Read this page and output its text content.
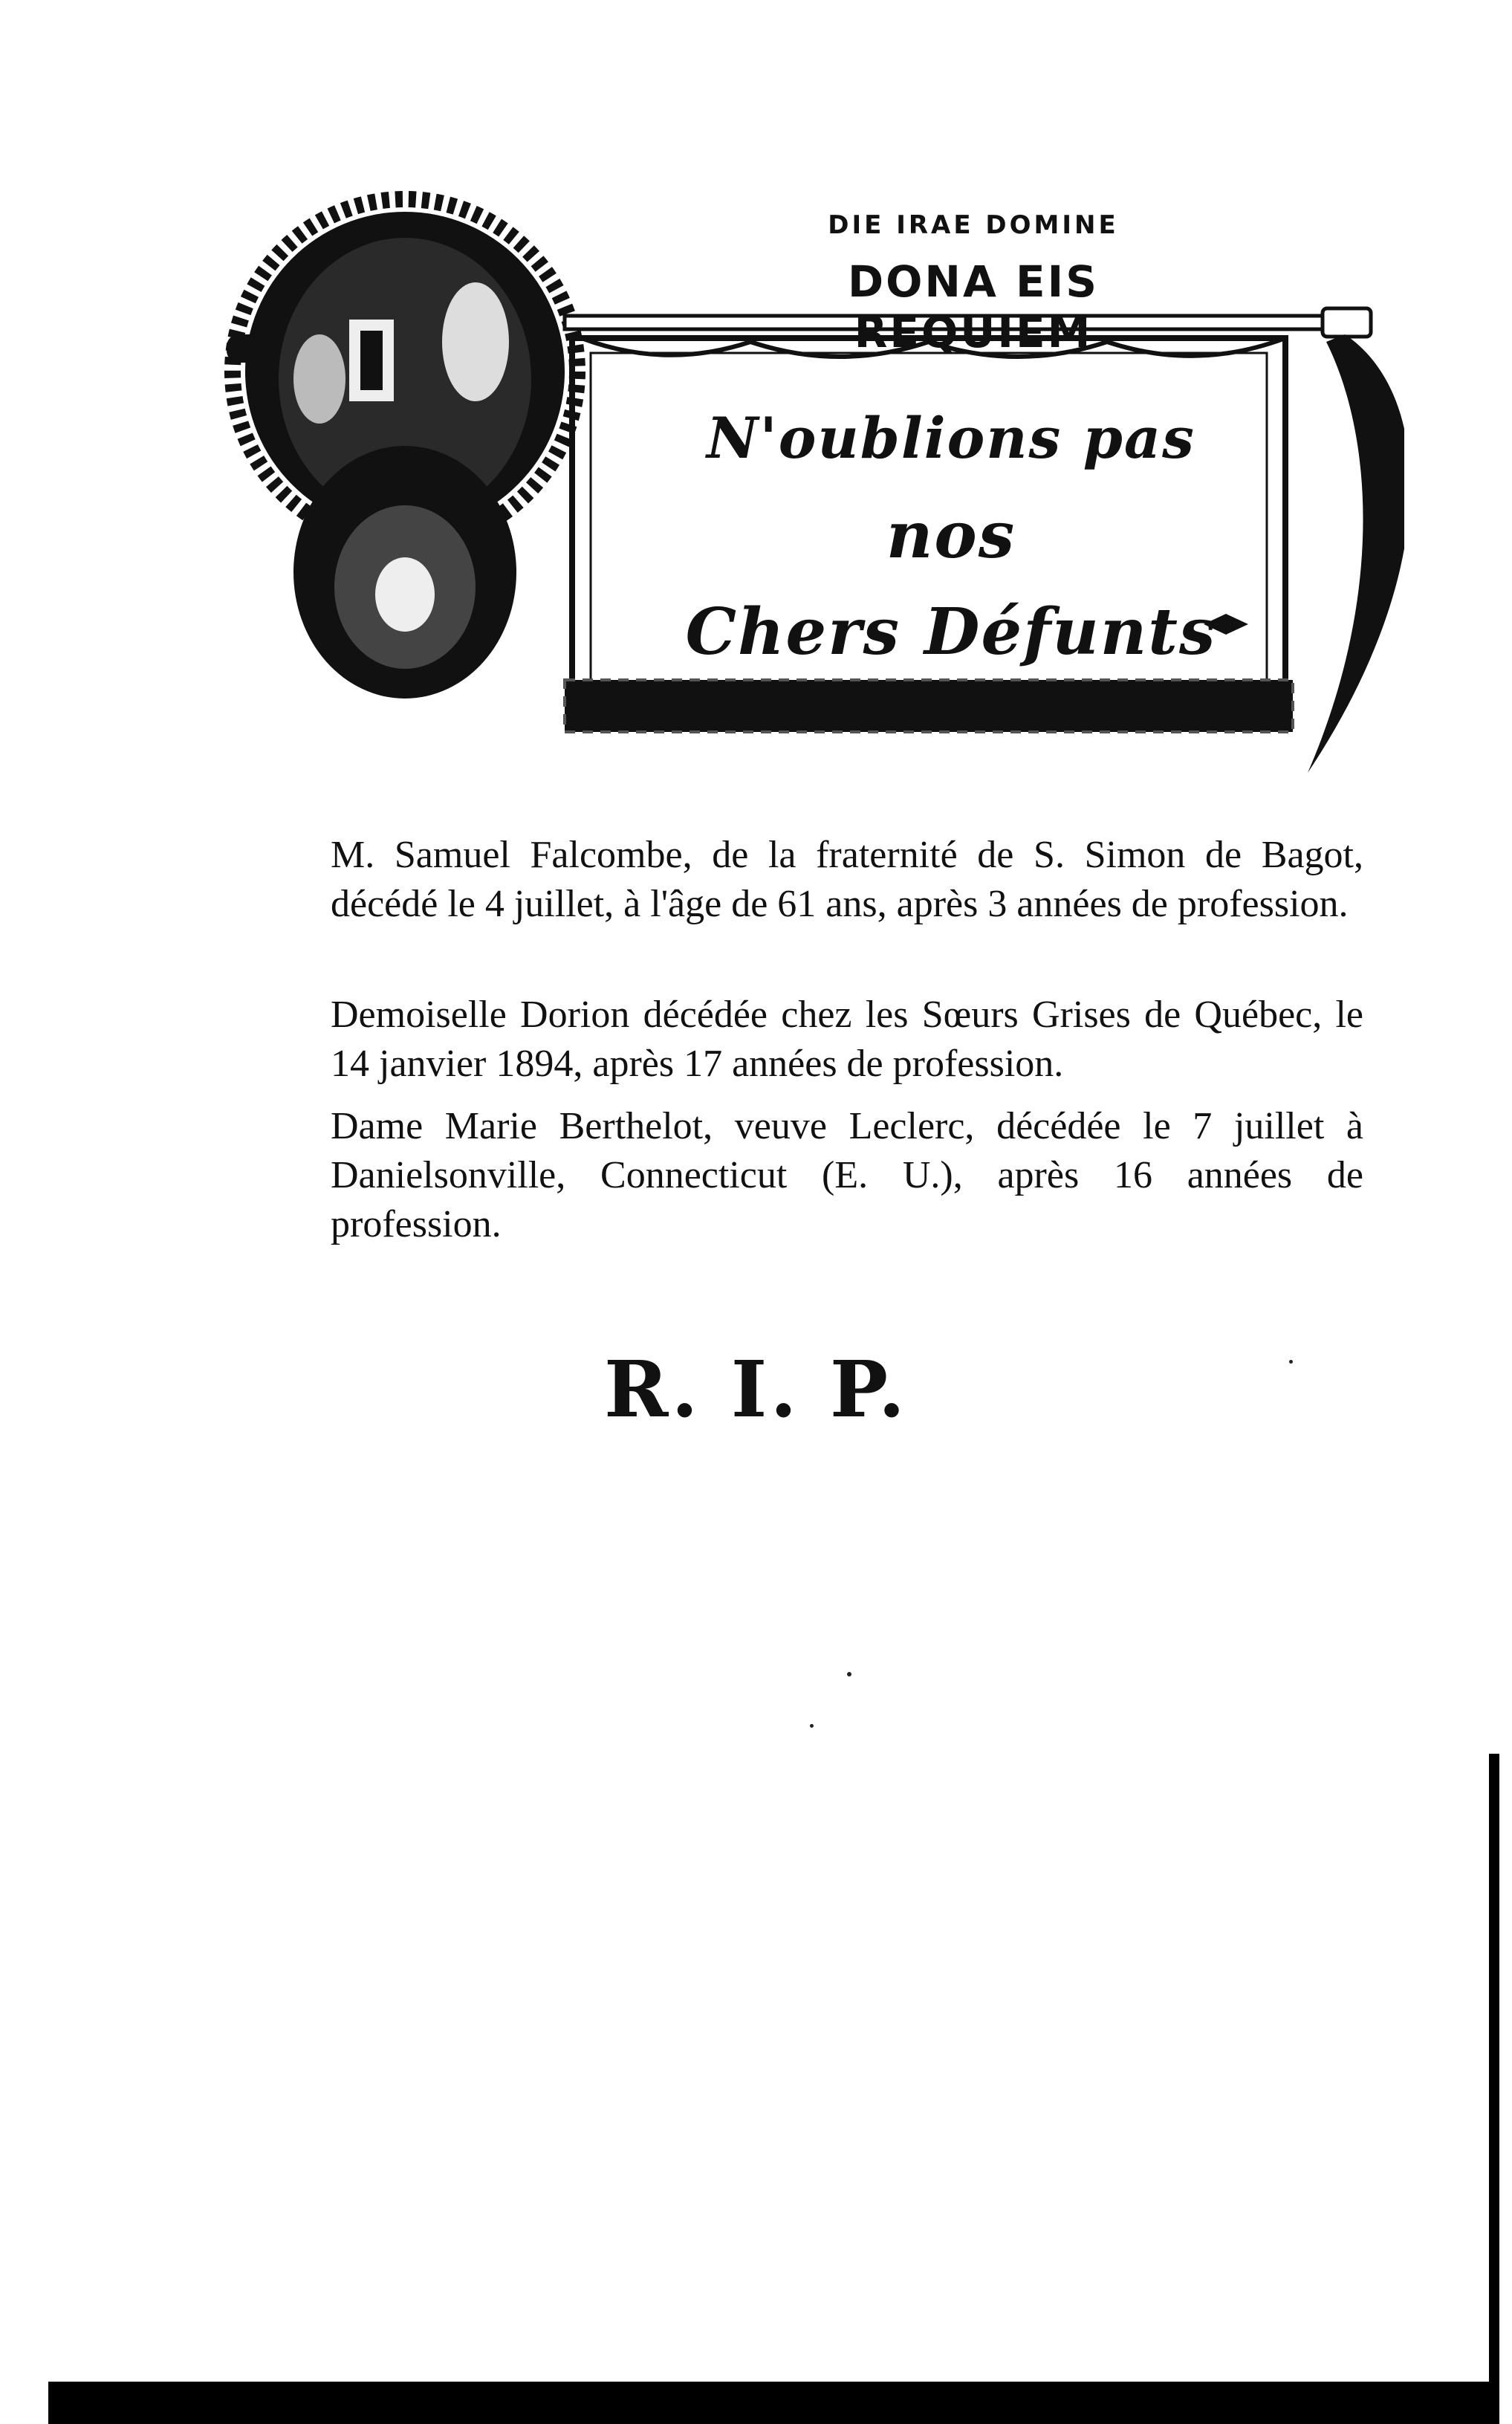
DIE IRAE DOMINE
DONA EIS REQUIEM
N'oublions pas
nos
Chers Défunts

M. Samuel Falcombe, de la fraternité de S. Simon de Bagot, décédé le 4 juillet, à l'âge de 61 ans, après 3 années de profession.

Demoiselle Dorion décédée chez les Sœurs Grises de Québec, le 14 janvier 1894, après 17 années de profession.

Dame Marie Berthelot, veuve Leclerc, décédée le 7 juillet à Danielsonville, Connecticut (E. U.), après 16 années de profession.

R. I. P.
